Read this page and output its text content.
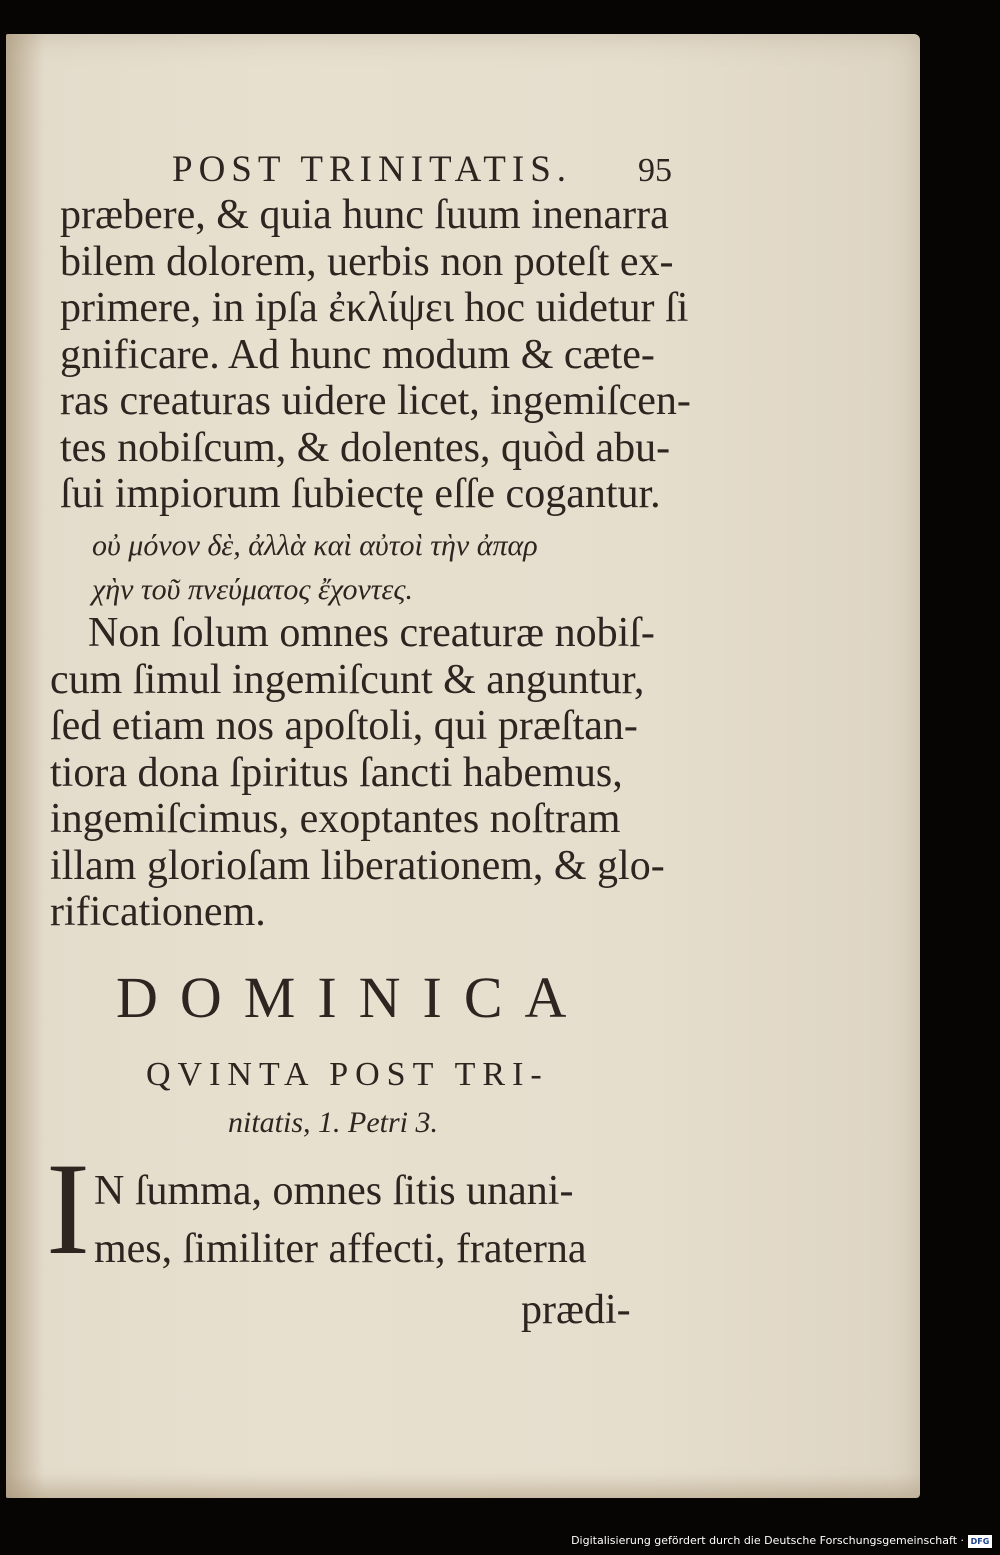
POST TRINITATIS. 95
præbere, & quia hunc ſuum inenarra
bilem dolorem, uerbis non poteſt ex-
primere, in ipſa ἐκλίψει hoc uidetur ſi
gnificare. Ad hunc modum & cæte-
ras creaturas uidere licet, ingemiſcen-
tes nobiſcum, & dolentes, quòd abu-
ſui impiorum ſubiectę eſſe cogantur.
οὐ μόνον δὲ, ἀλλὰ καὶ αὐτοὶ τὴν ἀπαρ
χὴν τοῦ πνεύματος ἔχοντες.
Non ſolum omnes creaturæ nobiſ-
cum ſimul ingemiſcunt & anguntur,
ſed etiam nos apoſtoli, qui præſtan-
tiora dona ſpiritus ſancti habemus,
ingemiſcimus, exoptantes noſtram
illam glorioſam liberationem, & glo-
rificationem.
DOMINICA
QVINTA POST TRI-
nitatis, 1. Petri 3.
I N ſumma, omnes ſitis unani-
mes, ſimiliter affecti, fraterna
prædi-
Digitalisierung gefördert durch die Deutsche Forschungsgemeinschaft · DFG
